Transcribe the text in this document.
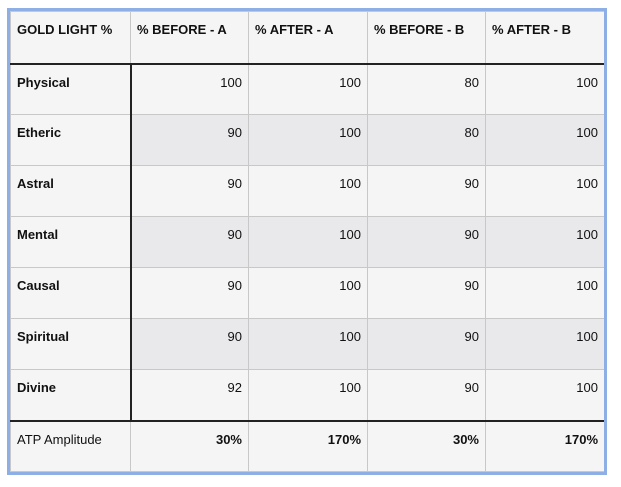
GOLD LIGHT %	% BEFORE - A	% AFTER - A	% BEFORE - B	% AFTER - B
Physical	100	100	80	100
Etheric	90	100	80	100
Astral	90	100	90	100
Mental	90	100	90	100
Causal	90	100	90	100
Spiritual	90	100	90	100
Divine	92	100	90	100
ATP Amplitude	30%	170%	30%	170%
